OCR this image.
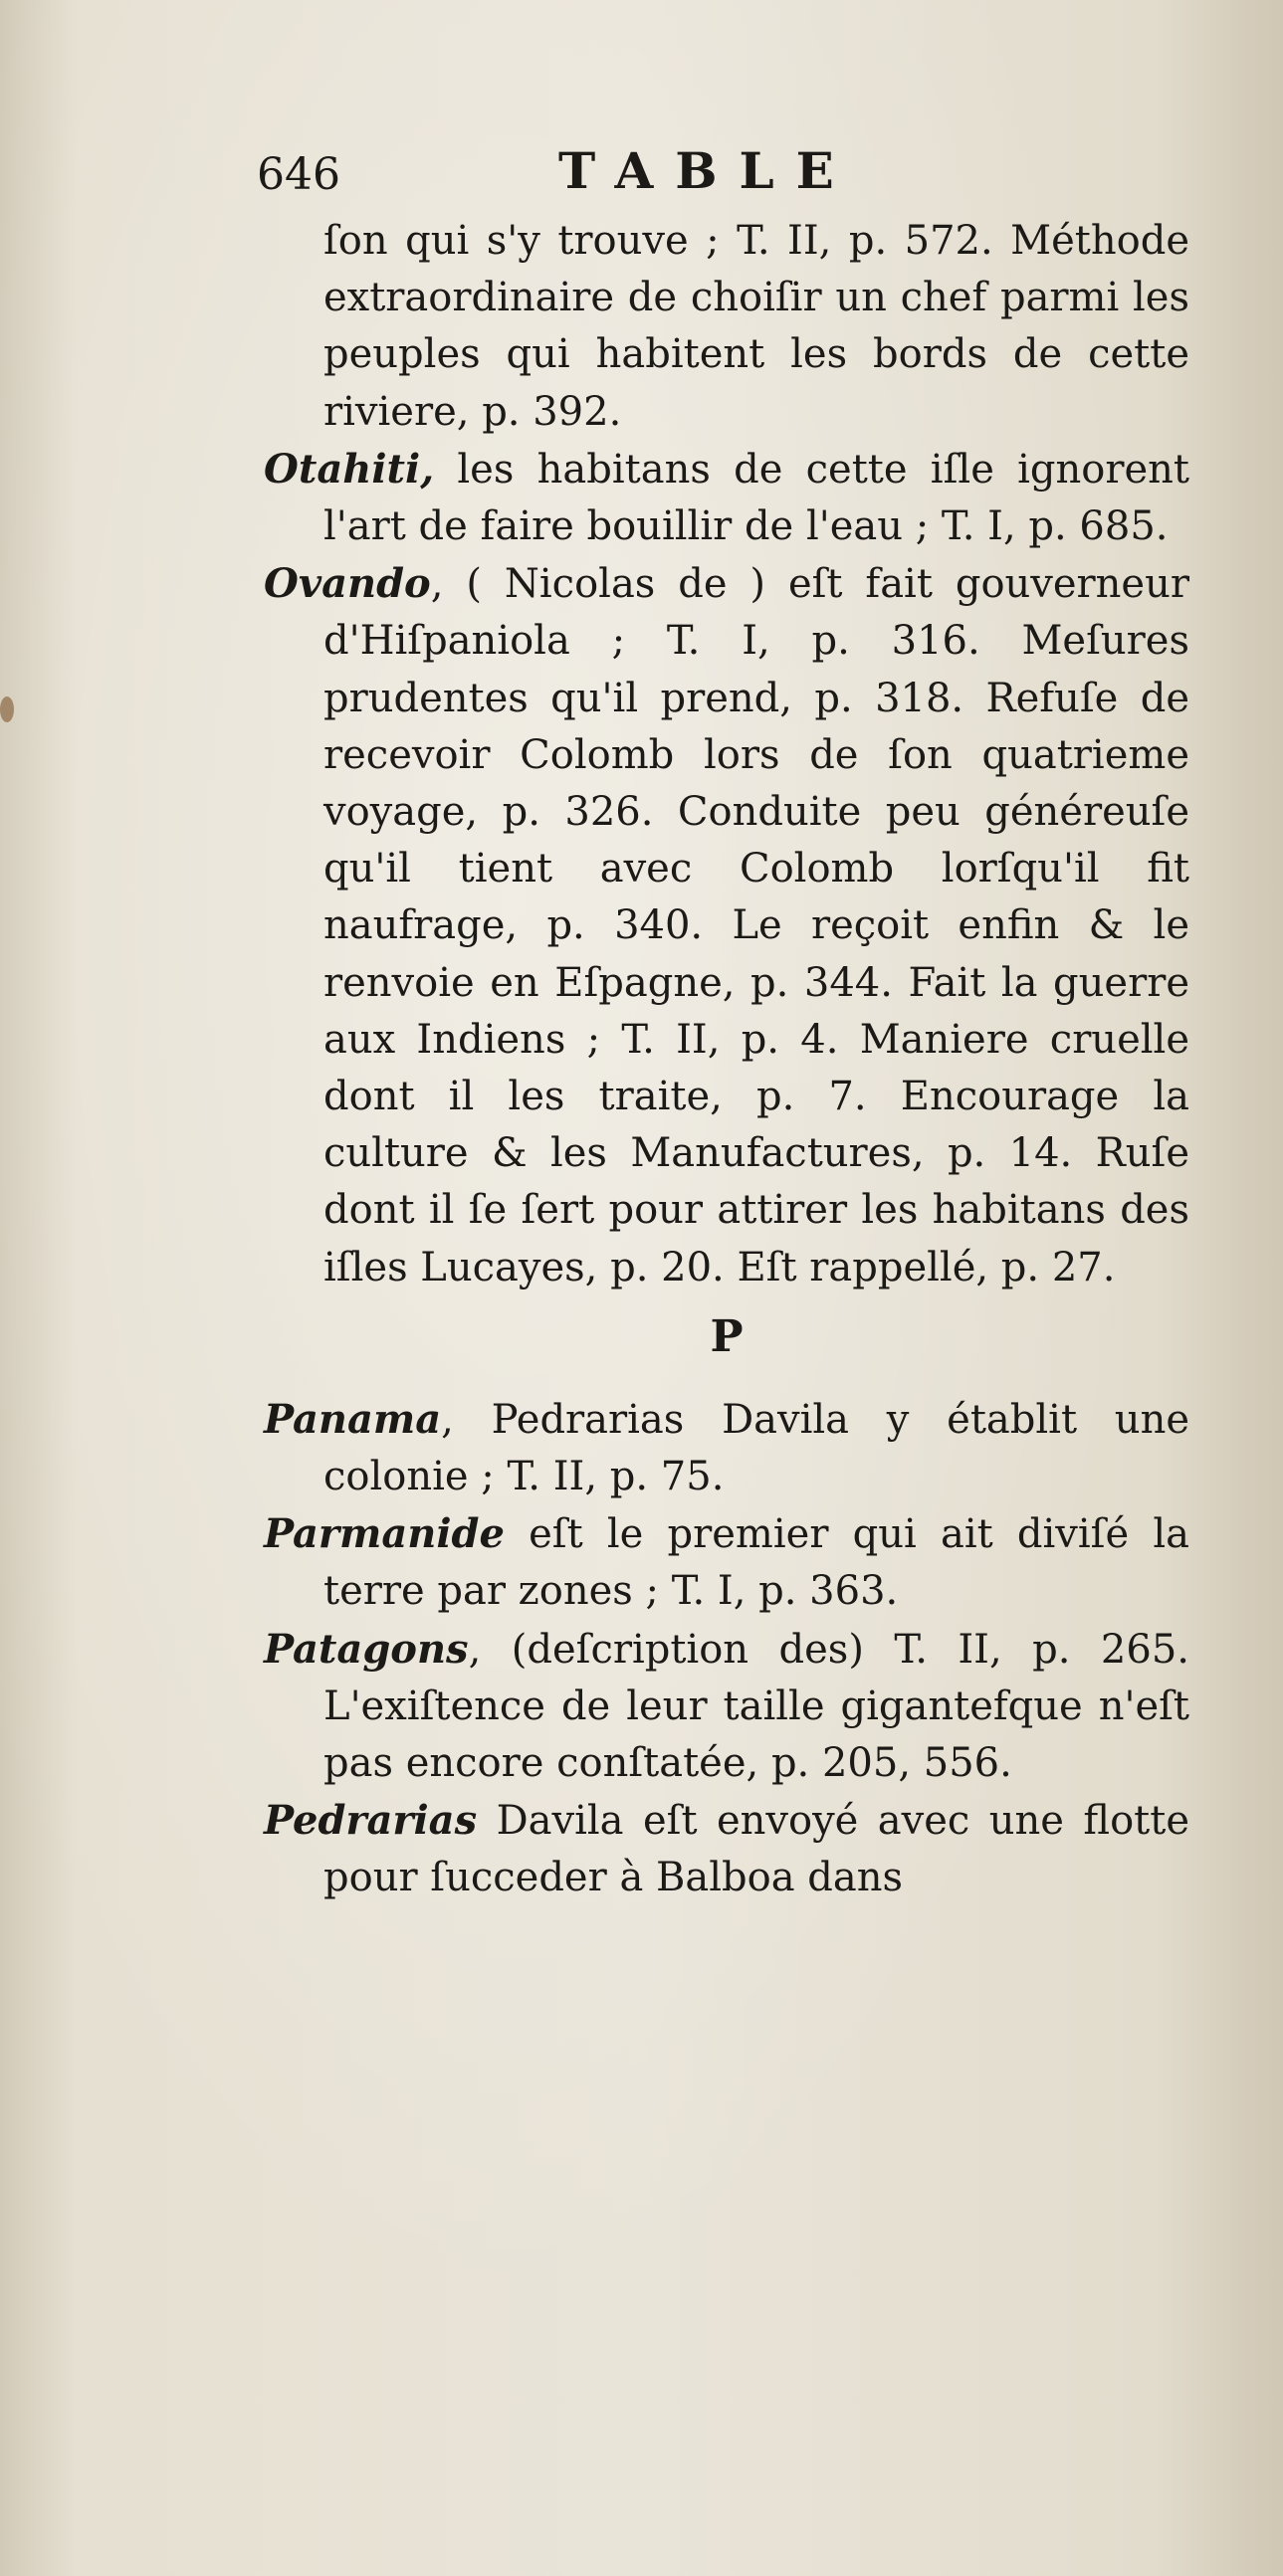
646	TABLE

ſon qui s'y trouve ; T. II, p. 572. Méthode extraordinaire de choiſir un chef parmi les peuples qui habitent les bords de cette riviere, p. 392.

Otahiti, les habitans de cette iſle ignorent l'art de faire bouillir de l'eau ; T. I, p. 685.

Ovando, ( Nicolas de ) eſt fait gouverneur d'Hiſpaniola ; T. I, p. 316. Meſures prudentes qu'il prend, p. 318. Refuſe de recevoir Colomb lors de ſon quatrieme voyage, p. 326. Conduite peu généreuſe qu'il tient avec Colomb lorſqu'il fit naufrage, p. 340. Le reçoit enfin & le renvoie en Eſpagne, p. 344. Fait la guerre aux Indiens ; T. II, p. 4. Maniere cruelle dont il les traite, p. 7. Encourage la culture & les Manufactures, p. 14. Ruſe dont il ſe ſert pour attirer les habitans des iſles Lucayes, p. 20. Eſt rappellé, p. 27.

P

Panama, Pedrarias Davila y établit une colonie ; T. II, p. 75.

Parmanide eſt le premier qui ait diviſé la terre par zones ; T. I, p. 363.

Patagons, (deſcription des) T. II, p. 265. L'exiſtence de leur taille gigantefque n'eſt pas encore conſtatée, p. 205, 556.

Pedrarias Davila eſt envoyé avec une flotte pour ſucceder à Balboa dans
